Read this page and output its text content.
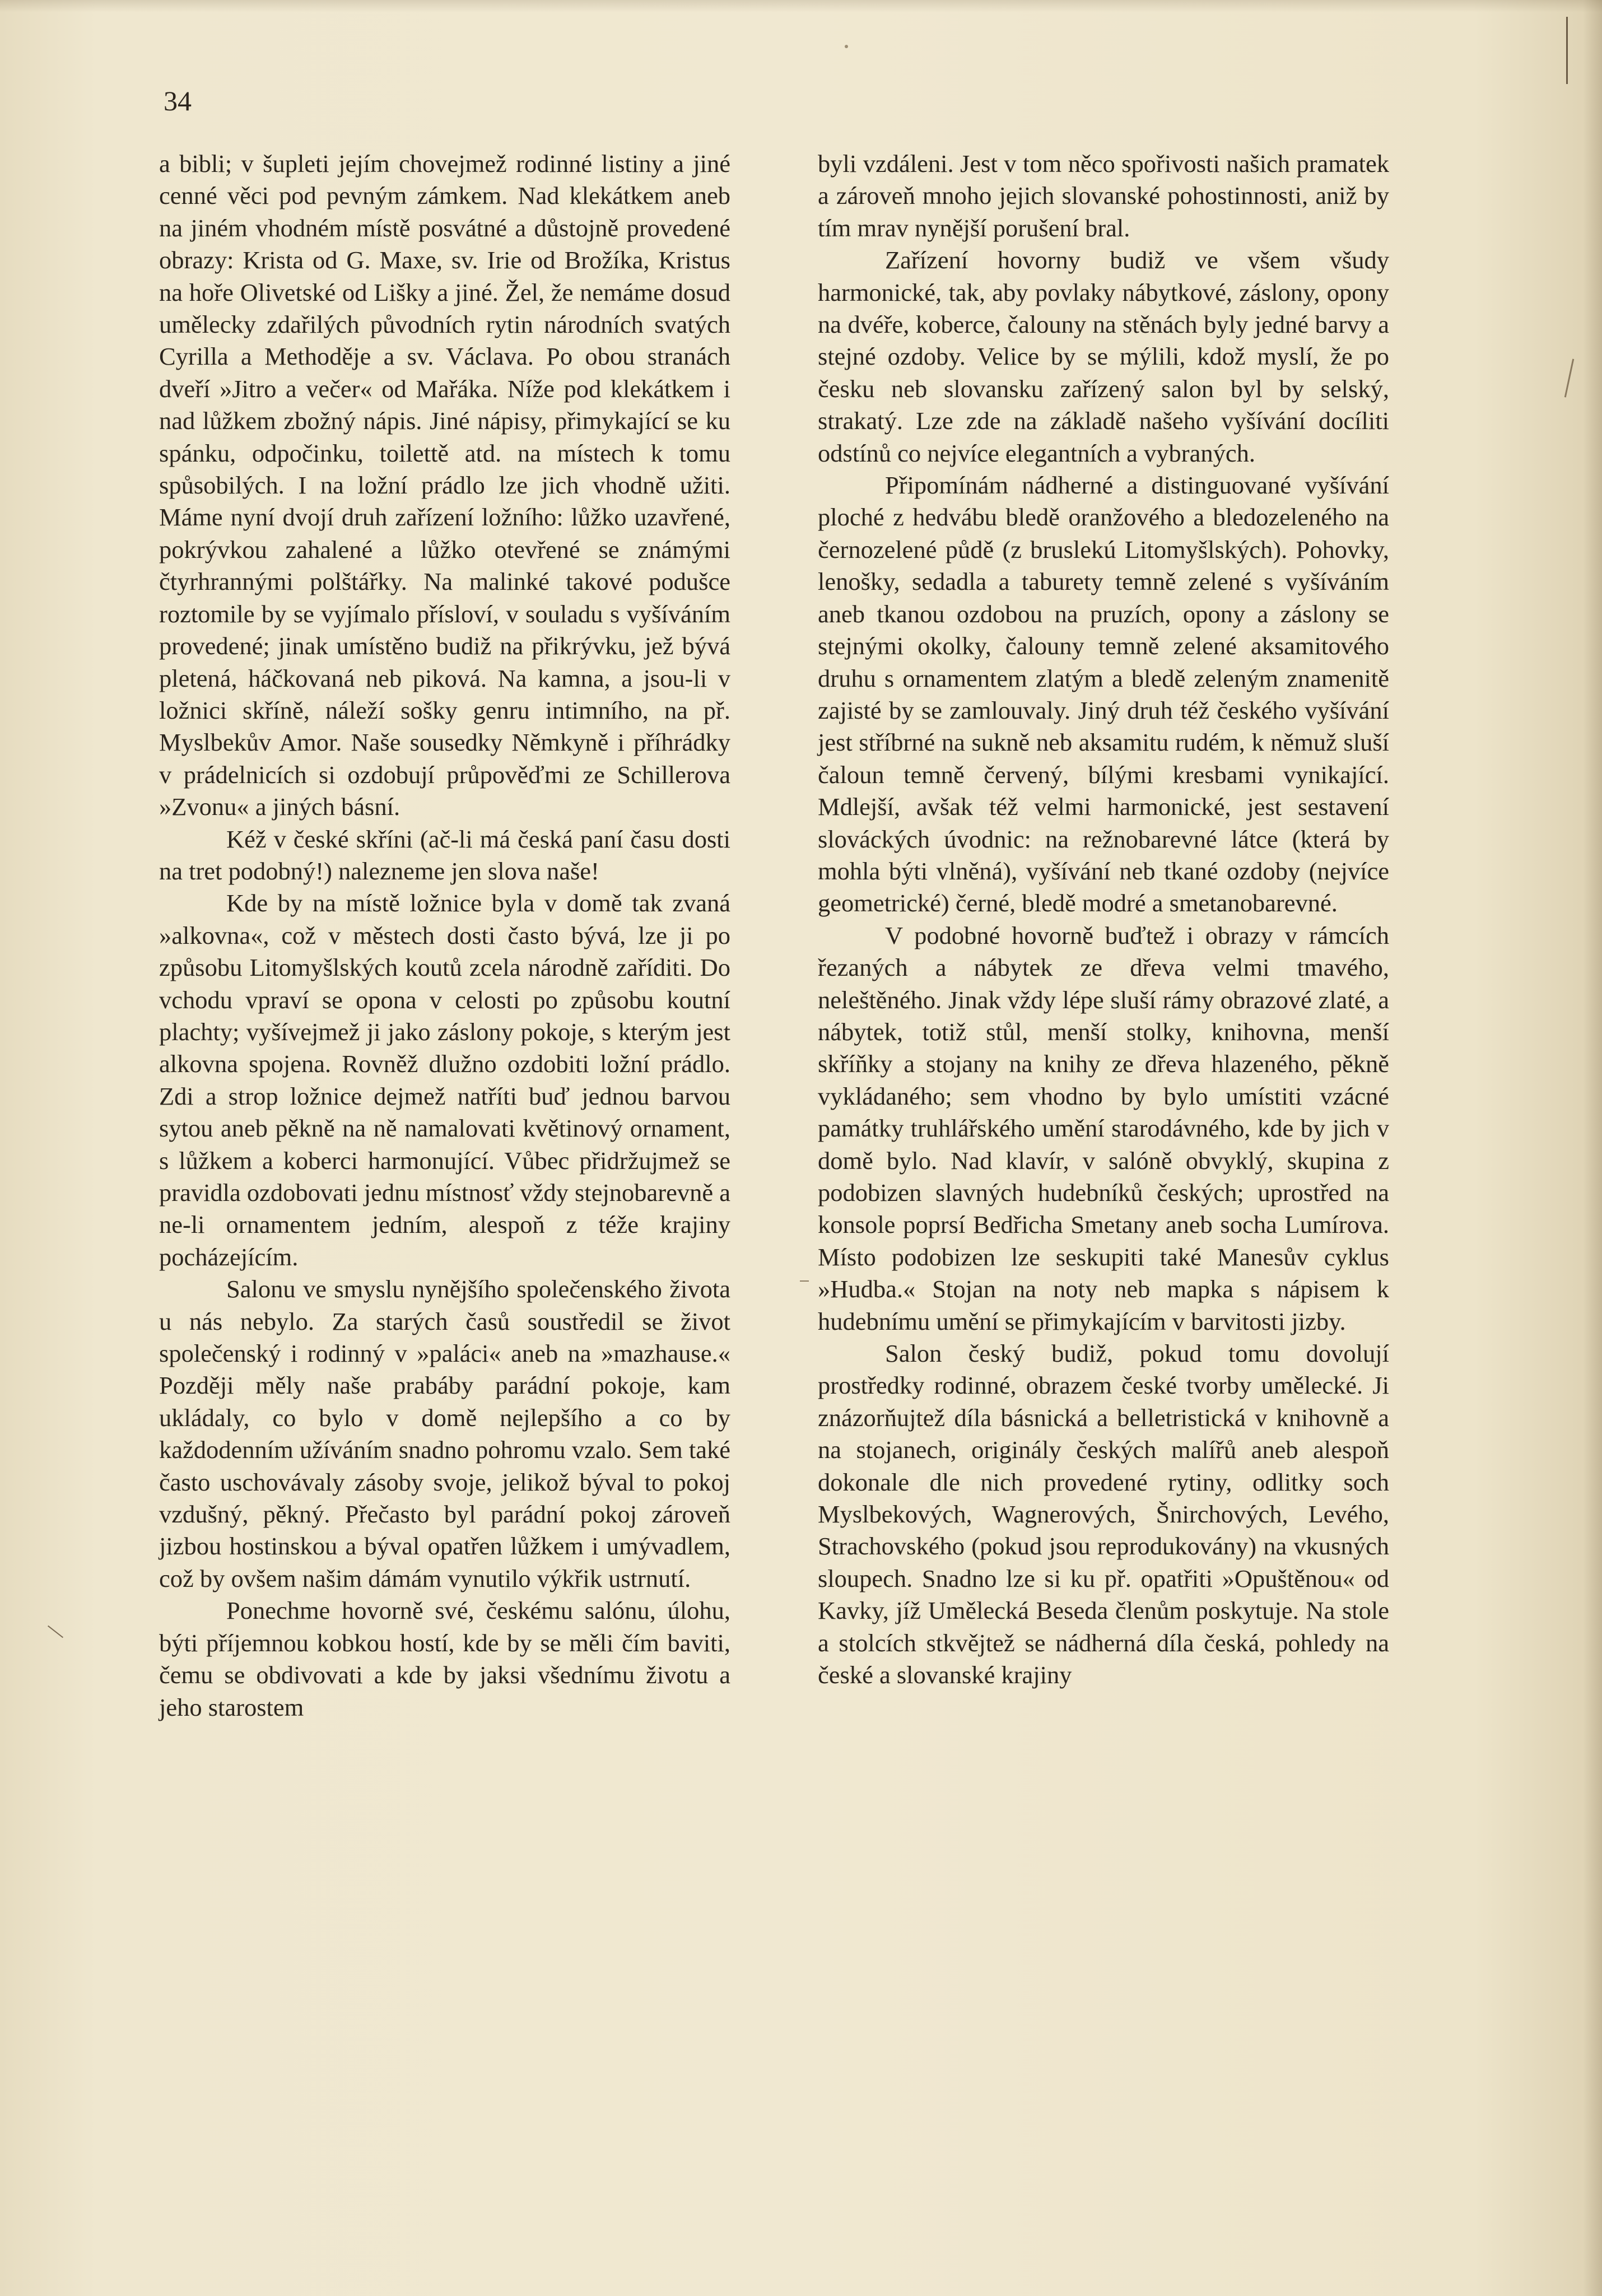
34

a bibli; v šupleti jejím chovejmež rodinné listiny a jiné cenné věci pod pevným zámkem. Nad klekátkem aneb na jiném vhodném místě posvátné a důstojně provedené obrazy: Krista od G. Maxe, sv. Irie od Brožíka, Kristus na hoře Olivetské od Lišky a jiné. Žel, že nemáme dosud umělecky zdařilých původních rytin národních svatých Cyrilla a Methoděje a sv. Václava. Po obou stranách dveří »Jitro a večer« od Mařáka. Níže pod klekátkem i nad lůžkem zbožný nápis. Jiné nápisy, přimykající se ku spánku, odpočinku, toilettě atd. na místech k tomu spůsobilých. I na ložní prádlo lze jich vhodně užiti. Máme nyní dvojí druh zařízení ložního: lůžko uzavřené, pokrývkou zahalené a lůžko otevřené se známými čtyrhrannými polštářky. Na malinké takové podušce roztomile by se vyjímalo přísloví, v souladu s vyšíváním provedené; jinak umístěno budiž na přikrývku, jež bývá pletená, háčkovaná neb piková. Na kamna, a jsou-li v ložnici skříně, náleží sošky genru intimního, na př. Myslbekův Amor. Naše sousedky Němkyně i příhrádky v prádelnicích si ozdobují průpověďmi ze Schillerova »Zvonu« a jiných básní.

Kéž v české skříni (ač-li má česká paní času dosti na tret podobný!) nalezneme jen slova naše!

Kde by na místě ložnice byla v domě tak zvaná »alkovna«, což v městech dosti často bývá, lze ji po způsobu Litomyšlských koutů zcela národně zaříditi. Do vchodu vpraví se opona v celosti po způsobu koutní plachty; vyšívejmež ji jako záslony pokoje, s kterým jest alkovna spojena. Rovněž dlužno ozdobiti ložní prádlo. Zdi a strop ložnice dejmež natříti buď jednou barvou sytou aneb pěkně na ně namalovati květinový ornament, s lůžkem a koberci harmonující. Vůbec přidržujmež se pravidla ozdobovati jednu místnosť vždy stejnobarevně a ne-li ornamentem jedním, alespoň z téže krajiny pocházejícím.

Salonu ve smyslu nynějšího společenského života u nás nebylo. Za starých časů soustředil se život společenský i rodinný v »paláci« aneb na »mazhause.« Později měly naše prabáby parádní pokoje, kam ukládaly, co bylo v domě nejlepšího a co by každodenním užíváním snadno pohromu vzalo. Sem také často uschovávaly zásoby svoje, jelikož býval to pokoj vzdušný, pěkný. Přečasto byl parádní pokoj zároveň jizbou hostinskou a býval opatřen lůžkem i umývadlem, což by ovšem našim dámám vynutilo výkřik ustrnutí.

Ponechme hovorně své, českému salónu, úlohu, býti příjemnou kobkou hostí, kde by se měli čím baviti, čemu se obdivovati a kde by jaksi všednímu životu a jeho starostem

byli vzdáleni. Jest v tom něco spořivosti našich pramatek a zároveň mnoho jejich slovanské pohostinnosti, aniž by tím mrav nynější porušení bral.

Zařízení hovorny budiž ve všem všudy harmonické, tak, aby povlaky nábytkové, záslony, opony na dvéře, koberce, čalouny na stěnách byly jedné barvy a stejné ozdoby. Velice by se mýlili, kdož myslí, že po česku neb slovansku zařízený salon byl by selský, strakatý. Lze zde na základě našeho vyšívání docíliti odstínů co nejvíce elegantních a vybraných.

Připomínám nádherné a distinguované vyšívání ploché z hedvábu bledě oranžového a bledozeleného na černozelené půdě (z bruslekú Litomyšlských). Pohovky, lenošky, sedadla a taburety temně zelené s vyšíváním aneb tkanou ozdobou na pruzích, opony a záslony se stejnými okolky, čalouny temně zelené aksamitového druhu s ornamentem zlatým a bledě zeleným znamenitě zajisté by se zamlouvaly. Jiný druh též českého vyšívání jest stříbrné na sukně neb aksamitu rudém, k němuž sluší čaloun temně červený, bílými kresbami vynikající. Mdlejší, avšak též velmi harmonické, jest sestavení slováckých úvodnic: na režnobarevné látce (která by mohla býti vlněná), vyšívání neb tkané ozdoby (nejvíce geometrické) černé, bledě modré a smetanobarevné.

V podobné hovorně buďtež i obrazy v rámcích řezaných a nábytek ze dřeva velmi tmavého, neleštěného. Jinak vždy lépe sluší rámy obrazové zlaté, a nábytek, totiž stůl, menší stolky, knihovna, menší skříňky a stojany na knihy ze dřeva hlazeného, pěkně vykládaného; sem vhodno by bylo umístiti vzácné památky truhlářského umění starodávného, kde by jich v domě bylo. Nad klavír, v salóně obvyklý, skupina z podobizen slavných hudebníků českých; uprostřed na konsole poprsí Bedřicha Smetany aneb socha Lumírova. Místo podobizen lze seskupiti také Manesův cyklus »Hudba.« Stojan na noty neb mapka s nápisem k hudebnímu umění se přimykajícím v barvitosti jizby.

Salon český budiž, pokud tomu dovolují prostředky rodinné, obrazem české tvorby umělecké. Ji znázorňujtež díla básnická a belletristická v knihovně a na stojanech, originály českých malířů aneb alespoň dokonale dle nich provedené rytiny, odlitky soch Myslbekových, Wagnerových, Šnirchových, Levého, Strachovského (pokud jsou reprodukovány) na vkusných sloupech. Snadno lze si ku př. opatřiti »Opuštěnou« od Kavky, jíž Umělecká Beseda členům poskytuje. Na stole a stolcích stkvějtež se nádherná díla česká, pohledy na české a slovanské krajiny
